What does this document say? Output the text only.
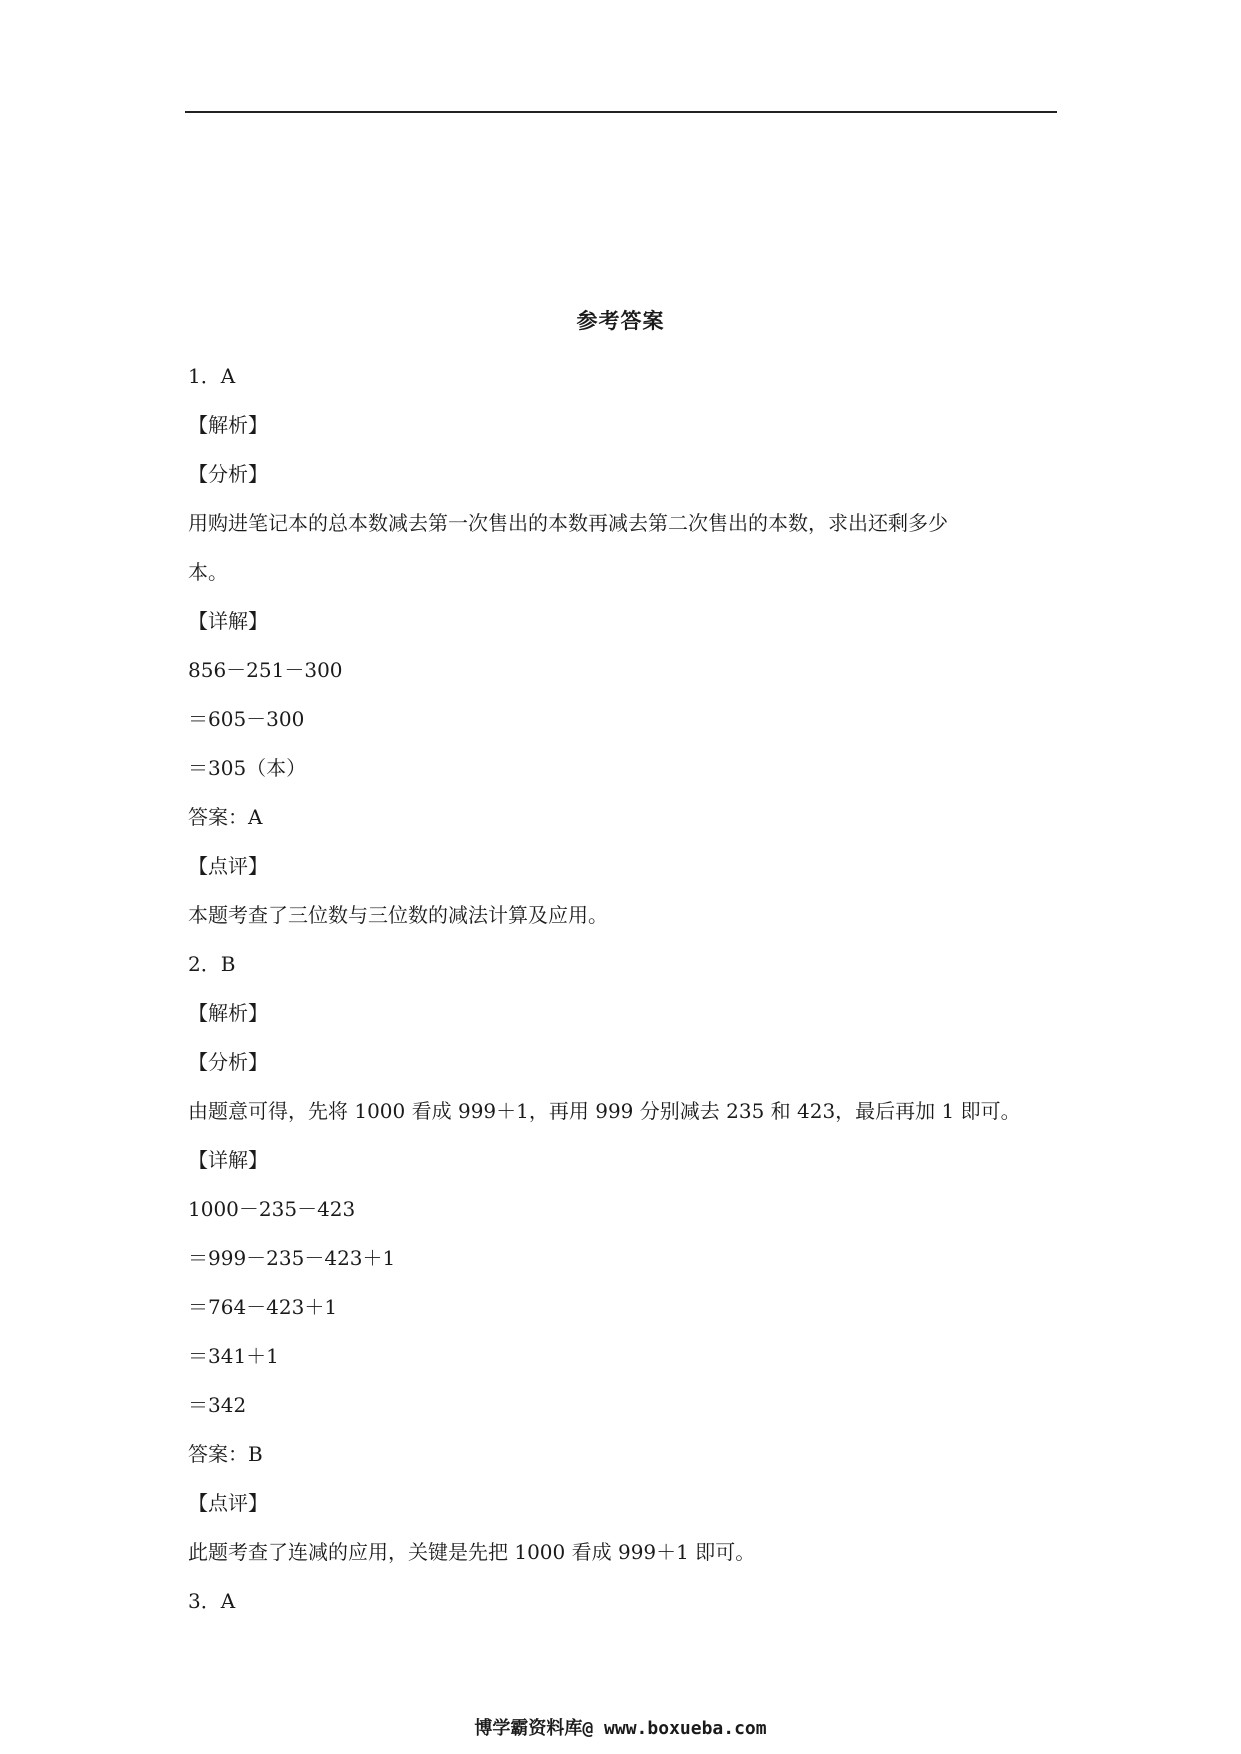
参考答案
1．A
【解析】
【分析】
用购进笔记本的总本数减去第一次售出的本数再减去第二次售出的本数，求出还剩多少
本。
【详解】
856－251－300
＝605－300
＝305（本）
答案：A
【点评】
本题考查了三位数与三位数的减法计算及应用。
2．B
【解析】
【分析】
由题意可得，先将 1000 看成 999＋1，再用 999 分别减去 235 和 423，最后再加 1 即可。
【详解】
1000－235－423
＝999－235－423＋1
＝764－423＋1
＝341＋1
＝342
答案：B
【点评】
此题考查了连减的应用，关键是先把 1000 看成 999＋1 即可。
3．A
博学霸资料库@ www.boxueba.com
